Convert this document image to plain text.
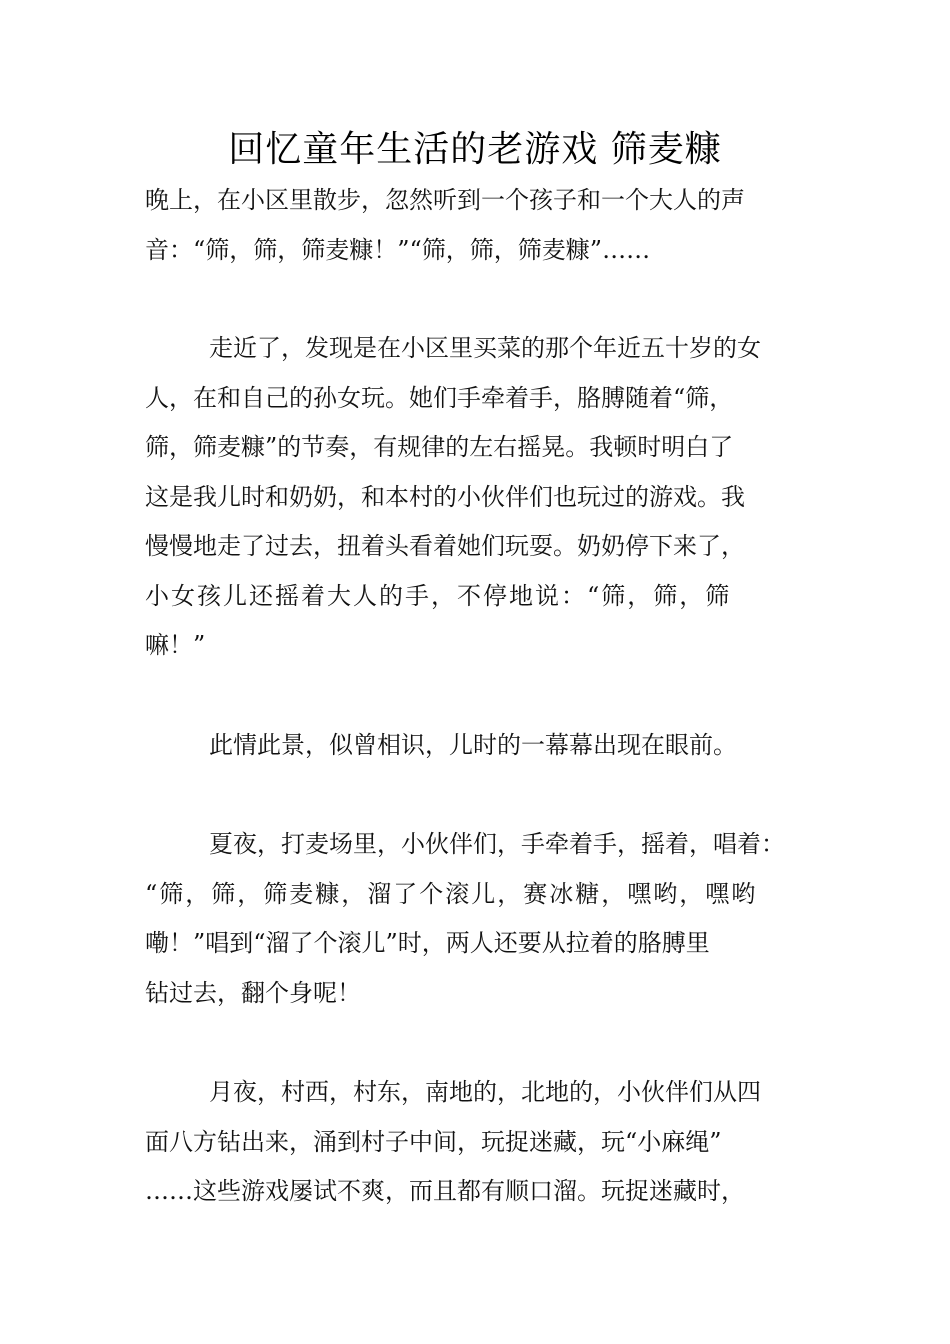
回忆童年生活的老游戏 筛麦糠
晚上，在小区里散步，忽然听到一个孩子和一个大人的声
音：“筛，筛，筛麦糠！”“筛，筛，筛麦糠”……
走近了，发现是在小区里买菜的那个年近五十岁的女
人，在和自己的孙女玩。她们手牵着手，胳膊随着“筛，
筛，筛麦糠”的节奏，有规律的左右摇晃。我顿时明白了
这是我儿时和奶奶，和本村的小伙伴们也玩过的游戏。我
慢慢地走了过去，扭着头看着她们玩耍。奶奶停下来了，
小女孩儿还摇着大人的手，不停地说：“筛，筛，筛
嘛！”
此情此景，似曾相识，儿时的一幕幕出现在眼前。
夏夜，打麦场里，小伙伴们，手牵着手，摇着，唱着：
“筛，筛，筛麦糠，溜了个滚儿，赛冰糖，嘿哟，嘿哟
嘞！”唱到“溜了个滚儿”时，两人还要从拉着的胳膊里
钻过去，翻个身呢！
月夜，村西，村东，南地的，北地的，小伙伴们从四
面八方钻出来，涌到村子中间，玩捉迷藏，玩“小麻绳”
……这些游戏屡试不爽，而且都有顺口溜。玩捉迷藏时，
